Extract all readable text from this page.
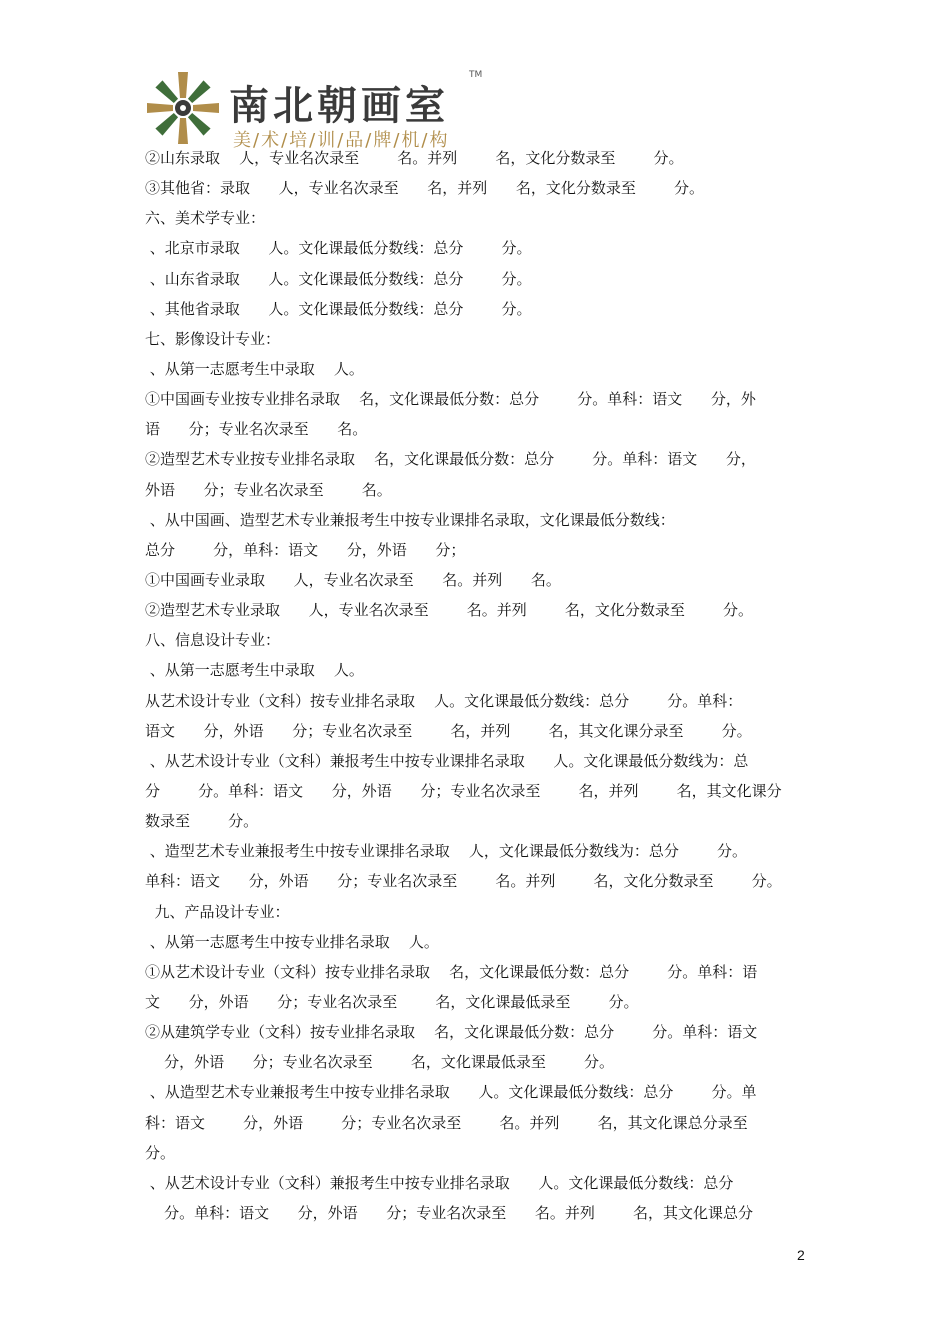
南北朝画室
TM
美/术/培/训/品/牌/机/构
②山东录取    人，专业名次录至        名。并列        名，文化分数录至        分。
③其他省：录取      人，专业名次录至      名，并列      名，文化分数录至        分。
六、美术学专业：
、北京市录取      人。文化课最低分数线：总分        分。
、山东省录取      人。文化课最低分数线：总分        分。
、其他省录取      人。文化课最低分数线：总分        分。
七、影像设计专业：
、从第一志愿考生中录取    人。
①中国画专业按专业排名录取    名，文化课最低分数：总分        分。单科：语文      分，外
语      分；专业名次录至      名。
②造型艺术专业按专业排名录取    名，文化课最低分数：总分        分。单科：语文      分，
外语      分；专业名次录至        名。
、从中国画、造型艺术专业兼报考生中按专业课排名录取，文化课最低分数线：
总分        分，单科：语文      分，外语      分；
①中国画专业录取      人，专业名次录至      名。并列      名。
②造型艺术专业录取      人，专业名次录至        名。并列        名，文化分数录至        分。
八、信息设计专业：
、从第一志愿考生中录取    人。
从艺术设计专业（文科）按专业排名录取    人。文化课最低分数线：总分        分。单科：
语文      分，外语      分；专业名次录至        名，并列        名，其文化课分录至        分。
、从艺术设计专业（文科）兼报考生中按专业课排名录取      人。文化课最低分数线为：总
分        分。单科：语文      分，外语      分；专业名次录至        名，并列        名，其文化课分
数录至        分。
、造型艺术专业兼报考生中按专业课排名录取    人，文化课最低分数线为：总分        分。
单科：语文      分，外语      分；专业名次录至        名。并列        名，文化分数录至        分。
九、产品设计专业：
、从第一志愿考生中按专业排名录取    人。
①从艺术设计专业（文科）按专业排名录取    名，文化课最低分数：总分        分。单科：语
文      分，外语      分；专业名次录至        名，文化课最低录至        分。
②从建筑学专业（文科）按专业排名录取    名，文化课最低分数：总分        分。单科：语文
分，外语      分；专业名次录至        名，文化课最低录至        分。
、从造型艺术专业兼报考生中按专业排名录取      人。文化课最低分数线：总分        分。单
科：语文        分，外语        分；专业名次录至        名。并列        名，其文化课总分录至
分。
、从艺术设计专业（文科）兼报考生中按专业排名录取      人。文化课最低分数线：总分
分。单科：语文      分，外语      分；专业名次录至      名。并列        名，其文化课总分
2
